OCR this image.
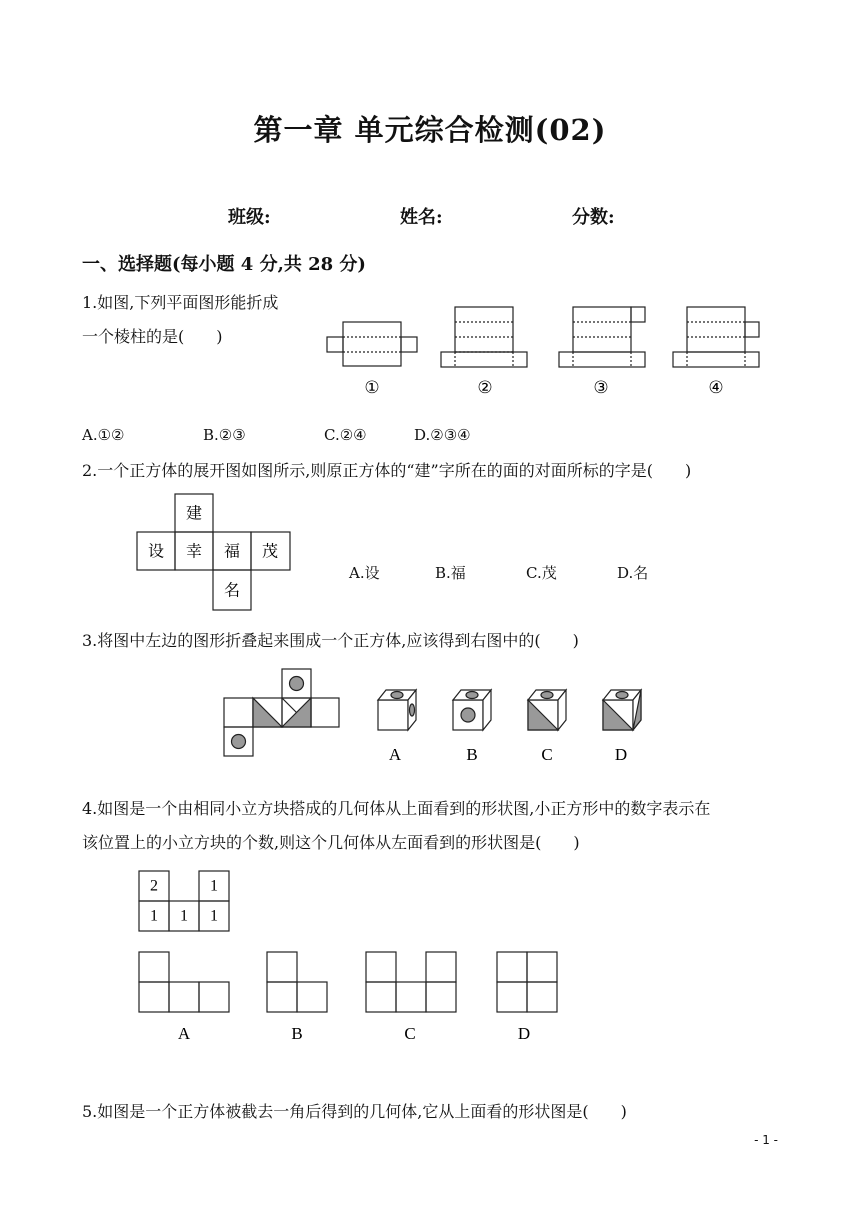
第一章 单元综合检测(02)
班级:	姓名:	分数:
一、选择题(每小题 4 分,共 28 分)
1.如图,下列平面图形能折成
一个棱柱的是(　　)
①	②	③	④
A.①②	B.②③	C.②④	D.②③④
2.一个正方体的展开图如图所示,则原正方体的“建”字所在的面的对面所标的字是(　　)
建
设 幸 福 茂
名
A.设	B.福	C.茂	D.名
3.将图中左边的图形折叠起来围成一个正方体,应该得到右图中的(　　)
A	B	C	D
4.如图是一个由相同小立方块搭成的几何体从上面看到的形状图,小正方形中的数字表示在
该位置上的小立方块的个数,则这个几何体从左面看到的形状图是(　　)
2	1
1 1 1
A	B	C	D
5.如图是一个正方体被截去一角后得到的几何体,它从上面看的形状图是(　　)
- 1 -
